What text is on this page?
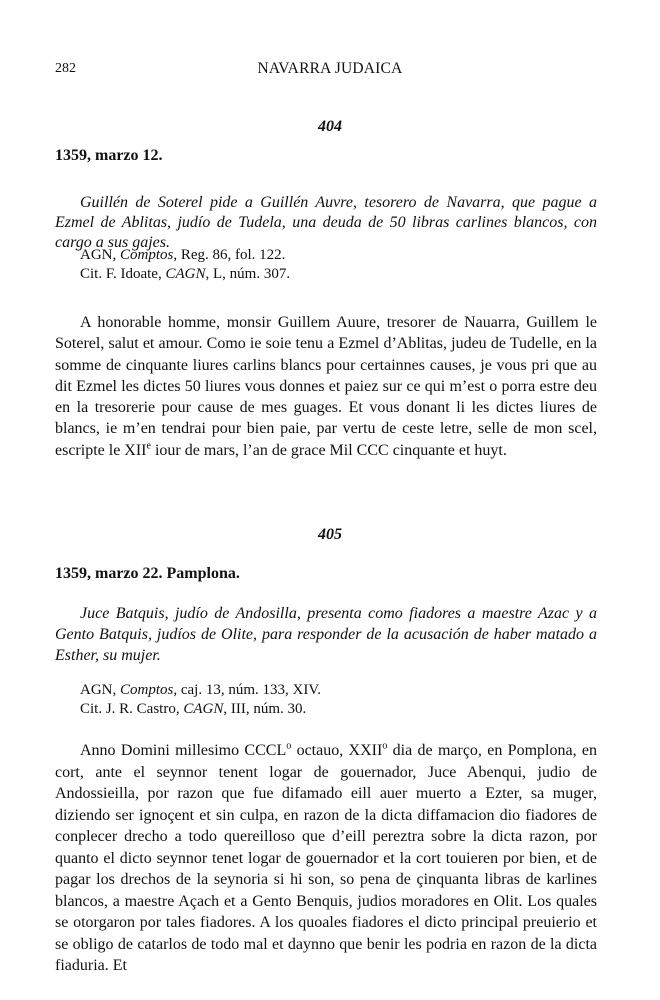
282	NAVARRA JUDAICA
404
1359, marzo 12.
Guillén de Soterel pide a Guillén Auvre, tesorero de Navarra, que pague a Ezmel de Ablitas, judío de Tudela, una deuda de 50 libras carlines blancos, con cargo a sus gajes.
AGN, Comptos, Reg. 86, fol. 122.
Cit. F. Idoate, CAGN, L, núm. 307.
A honorable homme, monsir Guillem Auure, tresorer de Nauarra, Guillem le Soterel, salut et amour. Como ie soie tenu a Ezmel d’Ablitas, judeu de Tudelle, en la somme de cinquante liures carlins blancs pour certainnes causes, je vous pri que au dit Ezmel les dictes 50 liures vous donnes et paiez sur ce qui m’est o porra estre deu en la tresorerie pour cause de mes guages. Et vous donant li les dictes liures de blancs, ie m’en tendrai pour bien paie, par vertu de ceste letre, selle de mon scel, escripte le XIIe iour de mars, l’an de grace Mil CCC cinquante et huyt.
405
1359, marzo 22. Pamplona.
Juce Batquis, judío de Andosilla, presenta como fiadores a maestre Azac y a Gento Batquis, judíos de Olite, para responder de la acusación de haber matado a Esther, su mujer.
AGN, Comptos, caj. 13, núm. 133, XIV.
Cit. J. R. Castro, CAGN, III, núm. 30.
Anno Domini millesimo CCCL$^o$ octauo, XXII$^o$ dia de março, en Pomplona, en cort, ante el seynnor tenent logar de gouernador, Juce Abenqui, judio de Andossieilla, por razon que fue difamado eill auer muerto a Ezter, sa muger, diziendo ser ignoçent et sin culpa, en razon de la dicta diffamacion dio fiadores de conplecer drecho a todo quereilloso que d’eill pereztra sobre la dicta razon, por quanto el dicto seynnor tenet logar de gouernador et la cort touieren por bien, et de pagar los drechos de la seynoria si hi son, so pena de çinquanta libras de karlines blancos, a maestre Açach et a Gento Benquis, judios moradores en Olit. Los quales se otorgaron por tales fiadores. A los quoales fiadores el dicto principal preuierio et se obligo de catarlos de todo mal et daynno que benir les podria en razon de la dicta fiaduria. Et
